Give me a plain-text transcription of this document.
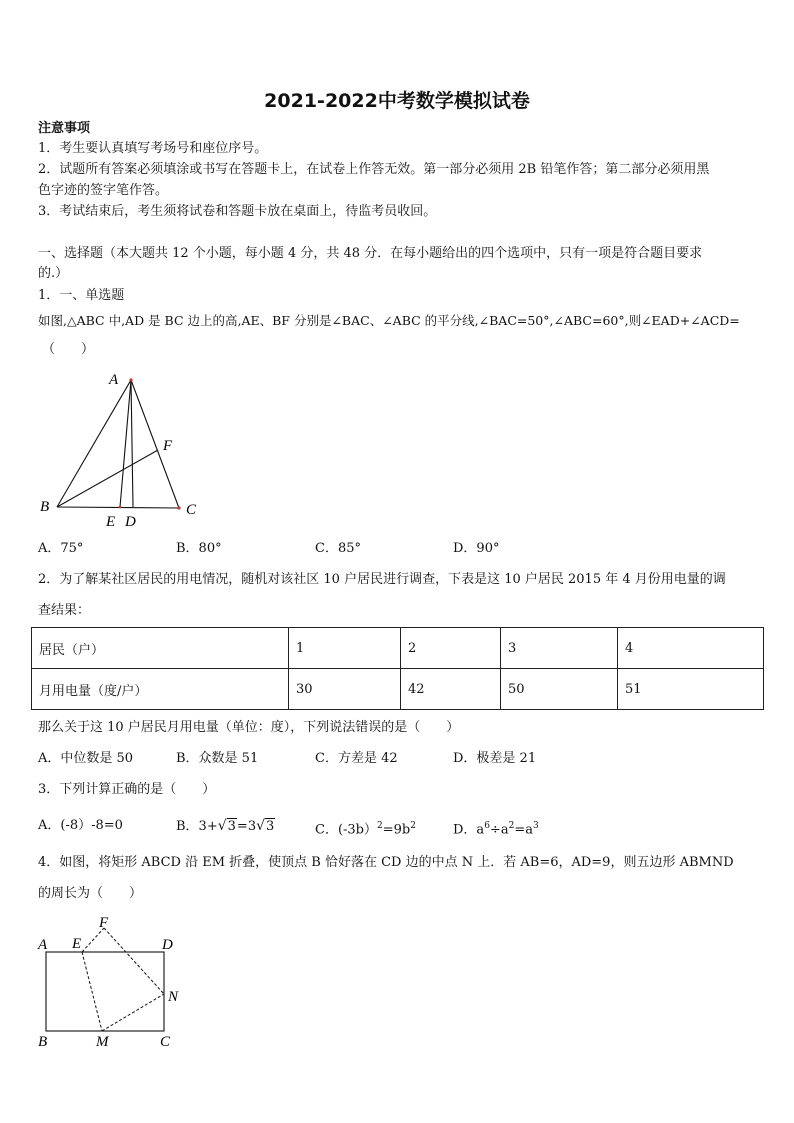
2021-2022中考数学模拟试卷
注意事项
1．考生要认真填写考场号和座位序号。
2．试题所有答案必须填涂或书写在答题卡上，在试卷上作答无效。第一部分必须用 2B 铅笔作答；第二部分必须用黑
色字迹的签字笔作答。
3．考试结束后，考生须将试卷和答题卡放在桌面上，待监考员收回。
一、选择题（本大题共 12 个小题，每小题 4 分，共 48 分．在每小题给出的四个选项中，只有一项是符合题目要求
的.）
1．一、单选题
如图,△ABC 中,AD 是 BC 边上的高,AE、BF 分别是∠BAC、∠ABC 的平分线,∠BAC=50°,∠ABC=60°,则∠EAD+∠ACD=
（　　）
A
B	C
E D
F
A．75°	B．80°	C．85°	D．90°
2．为了解某社区居民的用电情况，随机对该社区 10 户居民进行调查，下表是这 10 户居民 2015 年 4 月份用电量的调
查结果：
居民（户）	1	2	3	4
月用电量（度/户）	30	42	50	51
那么关于这 10 户居民月用电量（单位：度），下列说法错误的是（　　）
A．中位数是 50	B．众数是 51	C．方差是 42	D．极差是 21
3．下列计算正确的是（　　）
A．(-8）-8=0	B．3+√3=3√3	C．$(-3b)^2=9b^2$	D．$a^6\div a^2=a^3$
4．如图，将矩形 ABCD 沿 EM 折叠，使顶点 B 恰好落在 CD 边的中点 N 上．若 AB=6，AD=9，则五边形 ABMND
的周长为（　　）
A E
F
D
N
B	M	C
